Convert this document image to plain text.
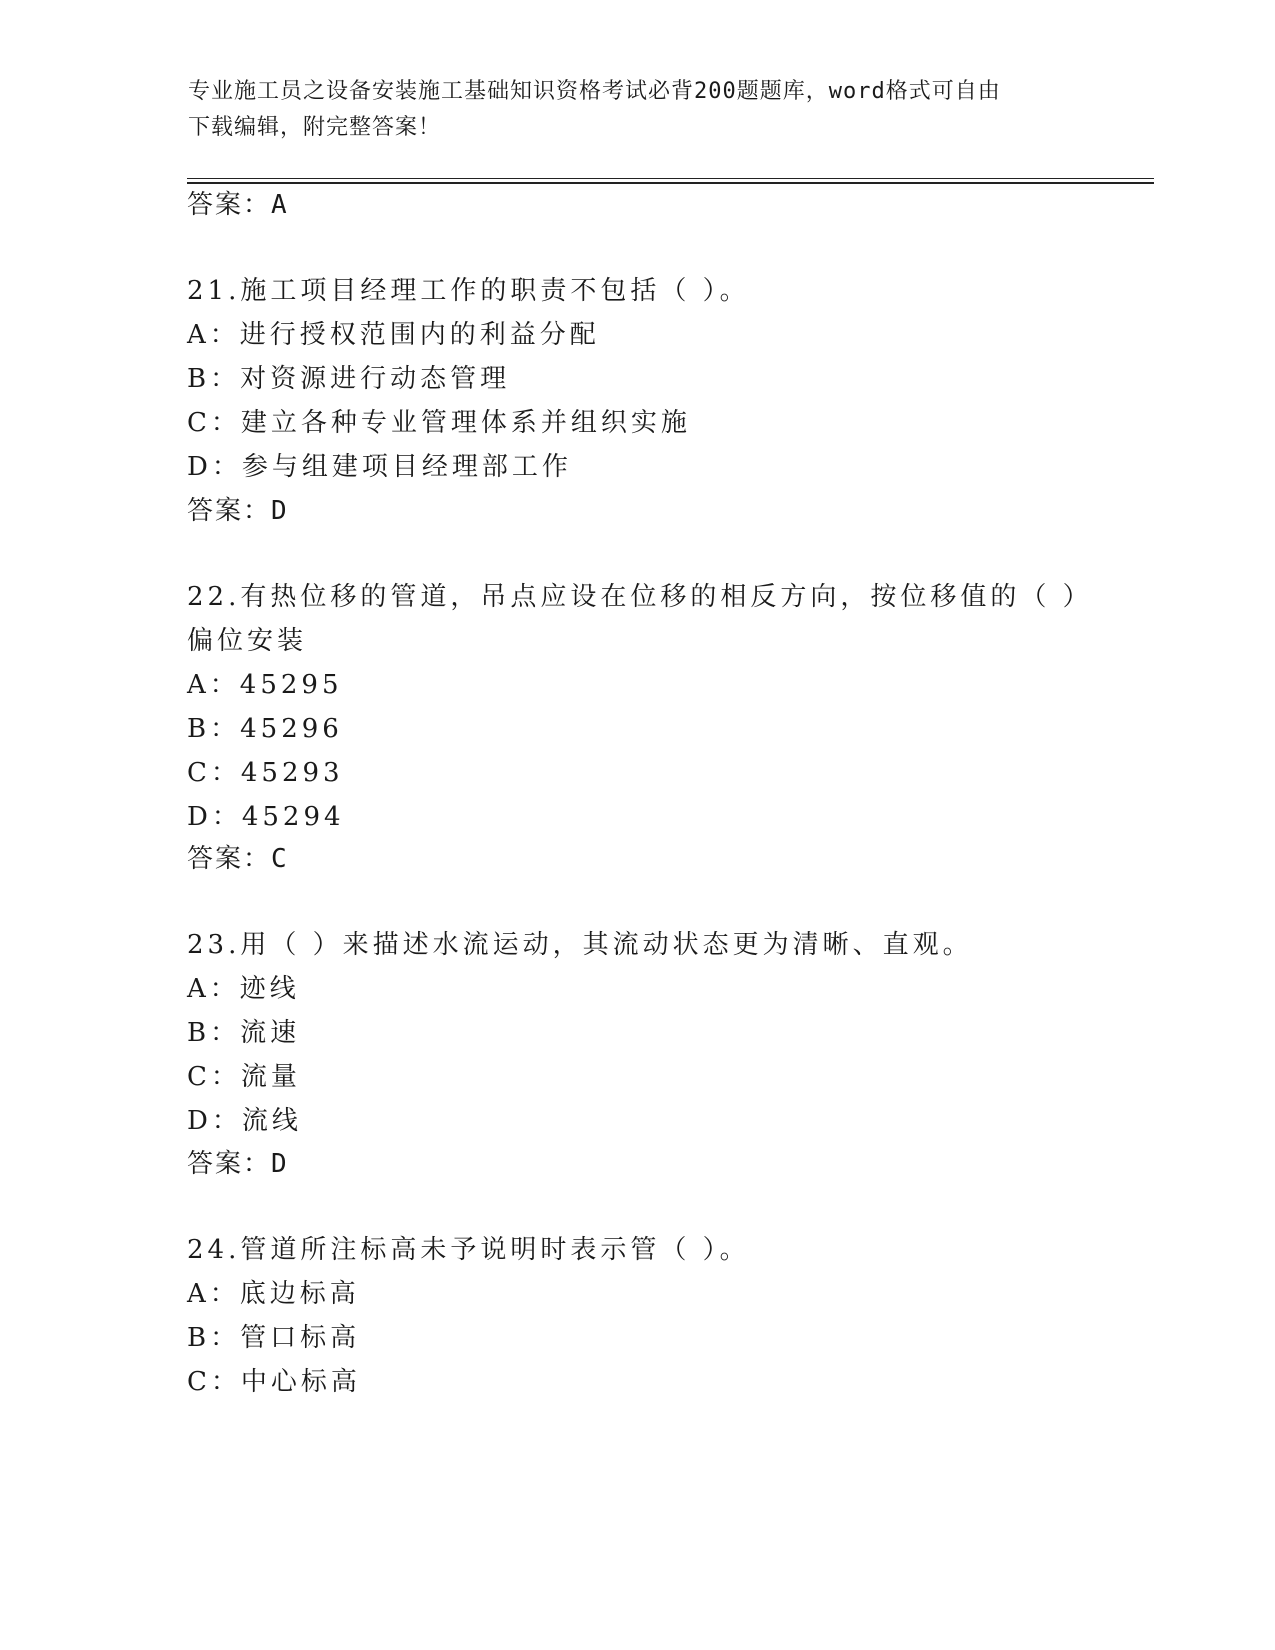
专业施工员之设备安装施工基础知识资格考试必背200题题库，word格式可自由
下载编辑，附完整答案！
答案：A
21.施工项目经理工作的职责不包括（ ）。
A：进行授权范围内的利益分配
B：对资源进行动态管理
C：建立各种专业管理体系并组织实施
D：参与组建项目经理部工作
答案：D
22.有热位移的管道，吊点应设在位移的相反方向，按位移值的（ ）
偏位安装
A：45295
B：45296
C：45293
D：45294
答案：C
23.用（ ）来描述水流运动，其流动状态更为清晰、直观。
A：迹线
B：流速
C：流量
D：流线
答案：D
24.管道所注标高未予说明时表示管（ ）。
A：底边标高
B：管口标高
C：中心标高
